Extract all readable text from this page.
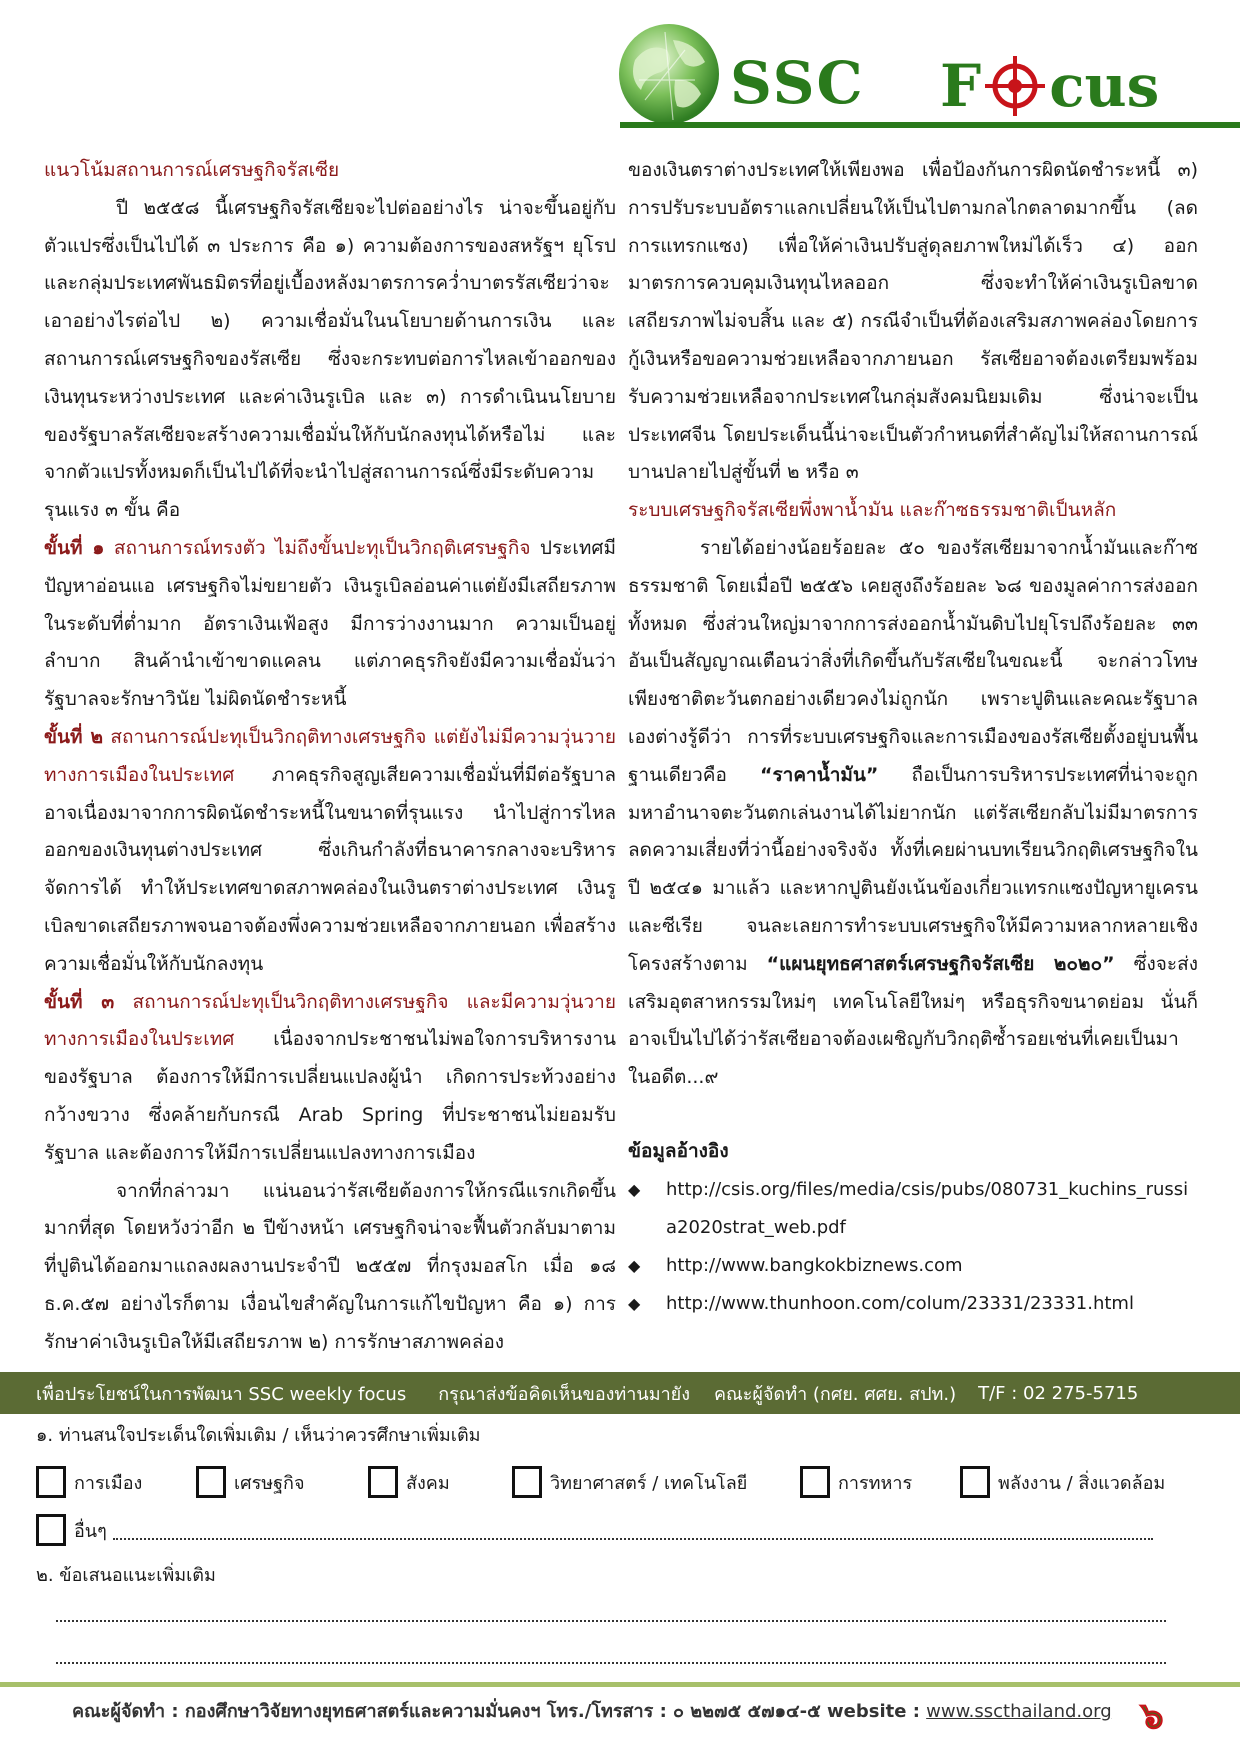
SSC F cus

แนวโน้มสถานการณ์เศรษฐกิจรัสเซีย

ปี ๒๕๕๘ นี้เศรษฐกิจรัสเซียจะไปต่ออย่างไร น่าจะขึ้นอยู่กับตัวแปรซึ่งเป็นไปได้ ๓ ประการ คือ ๑) ความต้องการของสหรัฐฯ ยุโรป และกลุ่มประเทศพันธมิตรที่อยู่เบื้องหลังมาตรการคว่ำบาตรรัสเซียว่าจะเอาอย่างไรต่อไป ๒) ความเชื่อมั่นในนโยบายด้านการเงิน และสถานการณ์เศรษฐกิจของรัสเซีย ซึ่งจะกระทบต่อการไหลเข้าออกของเงินทุนระหว่างประเทศ และค่าเงินรูเบิล และ ๓) การดำเนินนโยบายของรัฐบาลรัสเซียจะสร้างความเชื่อมั่นให้กับนักลงทุนได้หรือไม่ และจากตัวแปรทั้งหมดก็เป็นไปได้ที่จะนำไปสู่สถานการณ์ซึ่งมีระดับความรุนแรง ๓ ขั้น คือ

ขั้นที่ ๑ สถานการณ์ทรงตัว ไม่ถึงขั้นปะทุเป็นวิกฤติเศรษฐกิจ ประเทศมีปัญหาอ่อนแอ เศรษฐกิจไม่ขยายตัว เงินรูเบิลอ่อนค่าแต่ยังมีเสถียรภาพในระดับที่ต่ำมาก อัตราเงินเฟ้อสูง มีการว่างงานมาก ความเป็นอยู่ลำบาก สินค้านำเข้าขาดแคลน แต่ภาคธุรกิจยังมีความเชื่อมั่นว่ารัฐบาลจะรักษาวินัย ไม่ผิดนัดชำระหนี้

ขั้นที่ ๒ สถานการณ์ปะทุเป็นวิกฤติทางเศรษฐกิจ แต่ยังไม่มีความวุ่นวายทางการเมืองในประเทศ ภาคธุรกิจสูญเสียความเชื่อมั่นที่มีต่อรัฐบาล อาจเนื่องมาจากการผิดนัดชำระหนี้ในขนาดที่รุนแรง นำไปสู่การไหลออกของเงินทุนต่างประเทศ ซึ่งเกินกำลังที่ธนาคารกลางจะบริหารจัดการได้ ทำให้ประเทศขาดสภาพคล่องในเงินตราต่างประเทศ เงินรูเบิลขาดเสถียรภาพจนอาจต้องพึ่งความช่วยเหลือจากภายนอก เพื่อสร้างความเชื่อมั่นให้กับนักลงทุน

ขั้นที่ ๓ สถานการณ์ปะทุเป็นวิกฤติทางเศรษฐกิจ และมีความวุ่นวายทางการเมืองในประเทศ เนื่องจากประชาชนไม่พอใจการบริหารงานของรัฐบาล ต้องการให้มีการเปลี่ยนแปลงผู้นำ เกิดการประท้วงอย่างกว้างขวาง ซึ่งคล้ายกับกรณี Arab Spring ที่ประชาชนไม่ยอมรับรัฐบาล และต้องการให้มีการเปลี่ยนแปลงทางการเมือง

จากที่กล่าวมา แน่นอนว่ารัสเซียต้องการให้กรณีแรกเกิดขึ้นมากที่สุด โดยหวังว่าอีก ๒ ปีข้างหน้า เศรษฐกิจน่าจะฟื้นตัวกลับมาตามที่ปูตินได้ออกมาแถลงผลงานประจำปี ๒๕๕๗ ที่กรุงมอสโก เมื่อ ๑๘ ธ.ค.๕๗ อย่างไรก็ตาม เงื่อนไขสำคัญในการแก้ไขปัญหา คือ ๑) การรักษาค่าเงินรูเบิลให้มีเสถียรภาพ ๒) การรักษาสภาพคล่อง

ของเงินตราต่างประเทศให้เพียงพอ เพื่อป้องกันการผิดนัดชำระหนี้ ๓) การปรับระบบอัตราแลกเปลี่ยนให้เป็นไปตามกลไกตลาดมากขึ้น (ลดการแทรกแซง) เพื่อให้ค่าเงินปรับสู่ดุลยภาพใหม่ได้เร็ว ๔) ออกมาตรการควบคุมเงินทุนไหลออก ซึ่งจะทำให้ค่าเงินรูเบิลขาดเสถียรภาพไม่จบสิ้น และ ๕) กรณีจำเป็นที่ต้องเสริมสภาพคล่องโดยการกู้เงินหรือขอความช่วยเหลือจากภายนอก รัสเซียอาจต้องเตรียมพร้อมรับความช่วยเหลือจากประเทศในกลุ่มสังคมนิยมเดิม ซึ่งน่าจะเป็นประเทศจีน โดยประเด็นนี้น่าจะเป็นตัวกำหนดที่สำคัญไม่ให้สถานการณ์บานปลายไปสู่ขั้นที่ ๒ หรือ ๓

ระบบเศรษฐกิจรัสเซียพึ่งพาน้ำมัน และก๊าซธรรมชาติเป็นหลัก

รายได้อย่างน้อยร้อยละ ๕๐ ของรัสเซียมาจากน้ำมันและก๊าซธรรมชาติ โดยเมื่อปี ๒๕๕๖ เคยสูงถึงร้อยละ ๖๘ ของมูลค่าการส่งออกทั้งหมด ซึ่งส่วนใหญ่มาจากการส่งออกน้ำมันดิบไปยุโรปถึงร้อยละ ๓๓ อันเป็นสัญญาณเตือนว่าสิ่งที่เกิดขึ้นกับรัสเซียในขณะนี้ จะกล่าวโทษเพียงชาติตะวันตกอย่างเดียวคงไม่ถูกนัก เพราะปูตินและคณะรัฐบาลเองต่างรู้ดีว่า การที่ระบบเศรษฐกิจและการเมืองของรัสเซียตั้งอยู่บนพื้นฐานเดียวคือ “ราคาน้ำมัน” ถือเป็นการบริหารประเทศที่น่าจะถูกมหาอำนาจตะวันตกเล่นงานได้ไม่ยากนัก แต่รัสเซียกลับไม่มีมาตรการลดความเสี่ยงที่ว่านี้อย่างจริงจัง ทั้งที่เคยผ่านบทเรียนวิกฤติเศรษฐกิจในปี ๒๕๔๑ มาแล้ว และหากปูตินยังเน้นข้องเกี่ยวแทรกแซงปัญหายูเครนและซีเรีย จนละเลยการทำระบบเศรษฐกิจให้มีความหลากหลายเชิงโครงสร้างตาม “แผนยุทธศาสตร์เศรษฐกิจรัสเซีย ๒๐๒๐” ซึ่งจะส่งเสริมอุตสาหกรรมใหม่ๆ เทคโนโลยีใหม่ๆ หรือธุรกิจขนาดย่อม นั่นก็อาจเป็นไปได้ว่ารัสเซียอาจต้องเผชิญกับวิกฤติซ้ำรอยเช่นที่เคยเป็นมาในอดีต...๙

ข้อมูลอ้างอิง

◆	http://csis.org/files/media/csis/pubs/080731_kuchins_russia2020strat_web.pdf
◆	http://www.bangkokbiznews.com
◆	http://www.thunhoon.com/colum/23331/23331.html
เพื่อประโยชน์ในการพัฒนา SSC weekly focus กรุณาส่งข้อคิดเห็นของท่านมายัง คณะผู้จัดทำ (กศย. ศศย. สปท.) T/F : 02 275-5715
๑. ท่านสนใจประเด็นใดเพิ่มเติม / เห็นว่าควรศึกษาเพิ่มเติม
การเมือง	เศรษฐกิจ	สังคม	วิทยาศาสตร์ / เทคโนโลยี	การทหาร	พลังงาน / สิ่งแวดล้อม
อื่นๆ
๒. ข้อเสนอแนะเพิ่มเติม
คณะผู้จัดทำ : กองศึกษาวิจัยทางยุทธศาสตร์และความมั่นคงฯ โทร./โทรสาร : ๐ ๒๒๗๕ ๕๗๑๔-๕ website : www.sscthailand.org ๖
